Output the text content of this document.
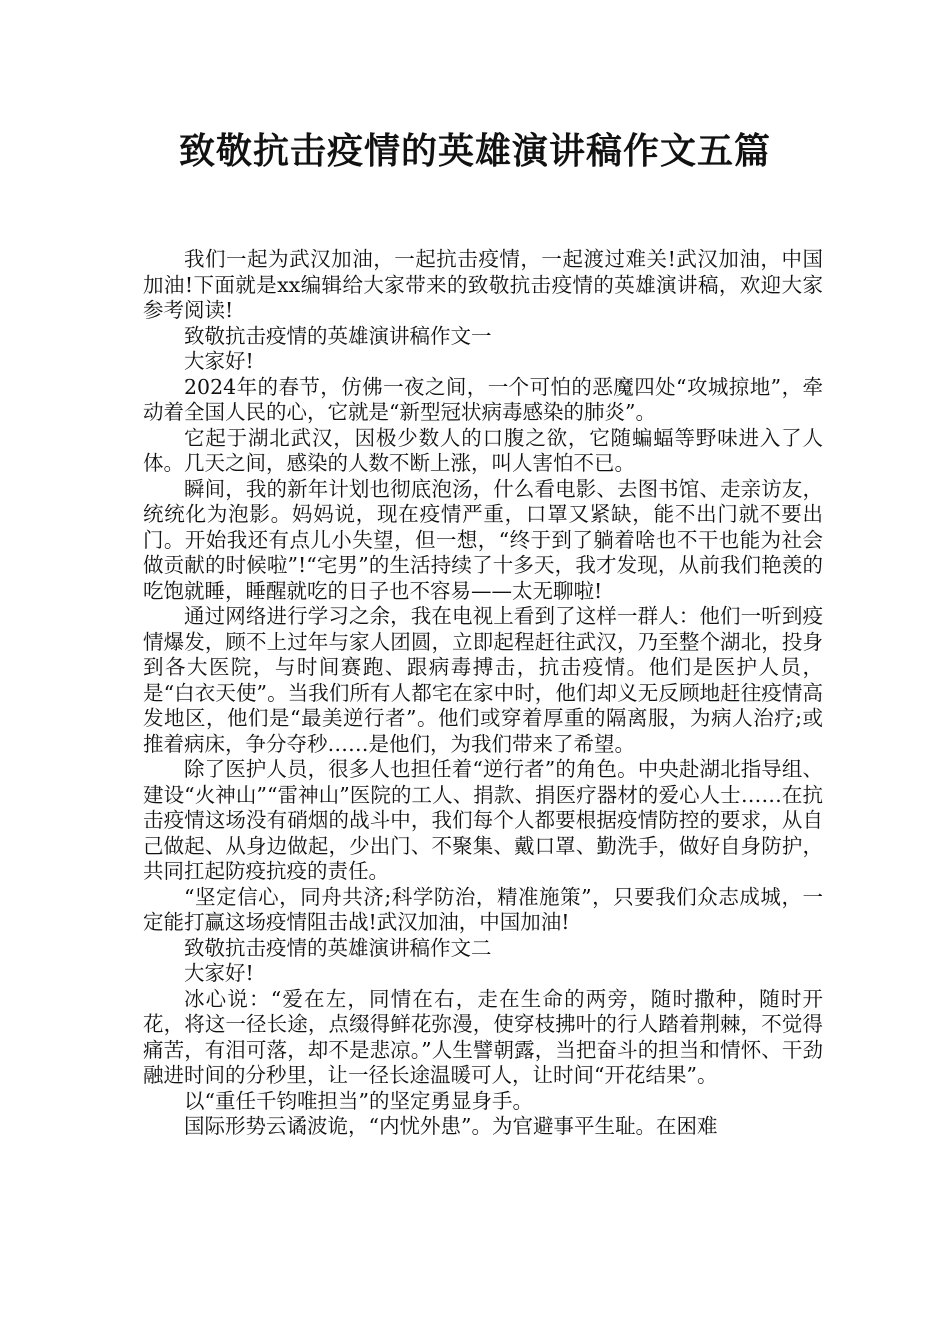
致敬抗击疫情的英雄演讲稿作文五篇

我们一起为武汉加油，一起抗击疫情，一起渡过难关!武汉加油，中国加油!下面就是xx编辑给大家带来的致敬抗击疫情的英雄演讲稿，欢迎大家参考阅读!

致敬抗击疫情的英雄演讲稿作文一

大家好!

2024年的春节，仿佛一夜之间，一个可怕的恶魔四处“攻城掠地”，牵动着全国人民的心，它就是“新型冠状病毒感染的肺炎”。

它起于湖北武汉，因极少数人的口腹之欲，它随蝙蝠等野味进入了人体。几天之间，感染的人数不断上涨，叫人害怕不已。

瞬间，我的新年计划也彻底泡汤，什么看电影、去图书馆、走亲访友，统统化为泡影。妈妈说，现在疫情严重，口罩又紧缺，能不出门就不要出门。开始我还有点儿小失望，但一想，“终于到了躺着啥也不干也能为社会做贡献的时候啦”!“宅男”的生活持续了十多天，我才发现，从前我们艳羡的吃饱就睡，睡醒就吃的日子也不容易——太无聊啦!

通过网络进行学习之余，我在电视上看到了这样一群人：他们一听到疫情爆发，顾不上过年与家人团圆，立即起程赶往武汉，乃至整个湖北，投身到各大医院，与时间赛跑、跟病毒搏击，抗击疫情。他们是医护人员，是“白衣天使”。当我们所有人都宅在家中时，他们却义无反顾地赶往疫情高发地区，他们是“最美逆行者”。他们或穿着厚重的隔离服，为病人治疗;或推着病床，争分夺秒……是他们，为我们带来了希望。

除了医护人员，很多人也担任着“逆行者”的角色。中央赴湖北指导组、建设“火神山”“雷神山”医院的工人、捐款、捐医疗器材的爱心人士……在抗击疫情这场没有硝烟的战斗中，我们每个人都要根据疫情防控的要求，从自己做起、从身边做起，少出门、不聚集、戴口罩、勤洗手，做好自身防护，共同扛起防疫抗疫的责任。

“坚定信心，同舟共济;科学防治，精准施策”，只要我们众志成城，一定能打赢这场疫情阻击战!武汉加油，中国加油!

致敬抗击疫情的英雄演讲稿作文二

大家好!

冰心说：“爱在左，同情在右，走在生命的两旁，随时撒种，随时开花，将这一径长途，点缀得鲜花弥漫，使穿枝拂叶的行人踏着荆棘，不觉得痛苦，有泪可落，却不是悲凉。”人生譬朝露，当把奋斗的担当和情怀、干劲融进时间的分秒里，让一径长途温暖可人，让时间“开花结果”。

以“重任千钧唯担当”的坚定勇显身手。

国际形势云谲波诡，“内忧外患”。为官避事平生耻。在困难
